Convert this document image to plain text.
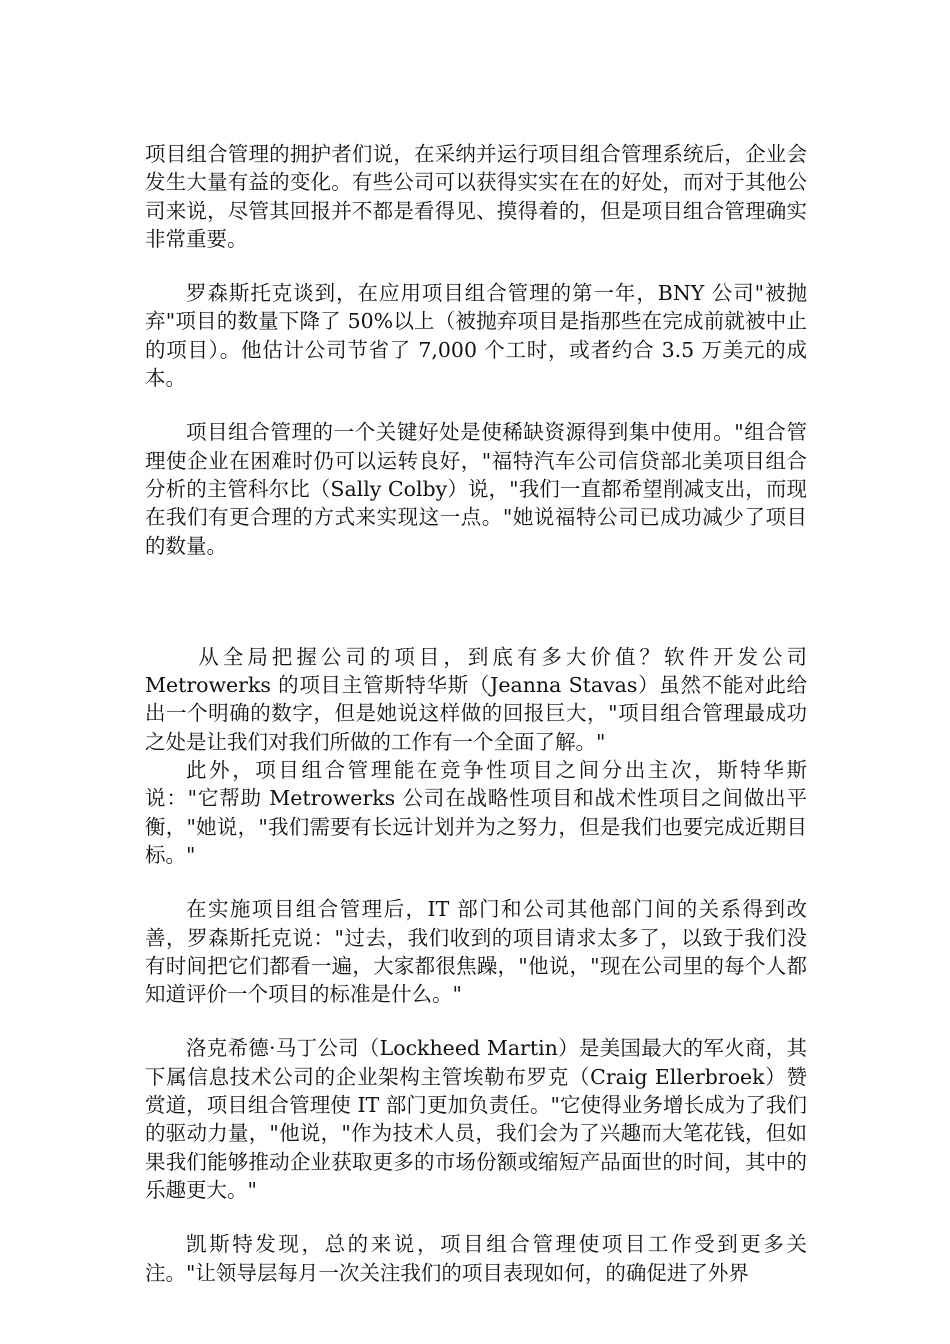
项目组合管理的拥护者们说，在采纳并运行项目组合管理系统后，企业会发生大量有益的变化。有些公司可以获得实实在在的好处，而对于其他公司来说，尽管其回报并不都是看得见、摸得着的，但是项目组合管理确实非常重要。

罗森斯托克谈到，在应用项目组合管理的第一年，BNY 公司"被抛弃"项目的数量下降了 50%以上（被抛弃项目是指那些在完成前就被中止的项目）。他估计公司节省了 7,000 个工时，或者约合 3.5 万美元的成本。

项目组合管理的一个关键好处是使稀缺资源得到集中使用。"组合管理使企业在困难时仍可以运转良好，"福特汽车公司信贷部北美项目组合分析的主管科尔比（Sally Colby）说，"我们一直都希望削减支出，而现在我们有更合理的方式来实现这一点。"她说福特公司已成功减少了项目的数量。

从全局把握公司的项目，到底有多大价值？软件开发公司 Metrowerks 的项目主管斯特华斯（Jeanna Stavas）虽然不能对此给出一个明确的数字，但是她说这样做的回报巨大，"项目组合管理最成功之处是让我们对我们所做的工作有一个全面了解。"

此外，项目组合管理能在竞争性项目之间分出主次，斯特华斯说："它帮助 Metrowerks 公司在战略性项目和战术性项目之间做出平衡，"她说，"我们需要有长远计划并为之努力，但是我们也要完成近期目标。"

在实施项目组合管理后，IT 部门和公司其他部门间的关系得到改善，罗森斯托克说："过去，我们收到的项目请求太多了，以致于我们没有时间把它们都看一遍，大家都很焦躁，"他说，"现在公司里的每个人都知道评价一个项目的标准是什么。"

洛克希德·马丁公司（Lockheed Martin）是美国最大的军火商，其下属信息技术公司的企业架构主管埃勒布罗克（Craig Ellerbroek）赞赏道，项目组合管理使 IT 部门更加负责任。"它使得业务增长成为了我们的驱动力量，"他说，"作为技术人员，我们会为了兴趣而大笔花钱，但如果我们能够推动企业获取更多的市场份额或缩短产品面世的时间，其中的乐趣更大。"

凯斯特发现，总的来说，项目组合管理使项目工作受到更多关注。"让领导层每月一次关注我们的项目表现如何，的确促进了外界
